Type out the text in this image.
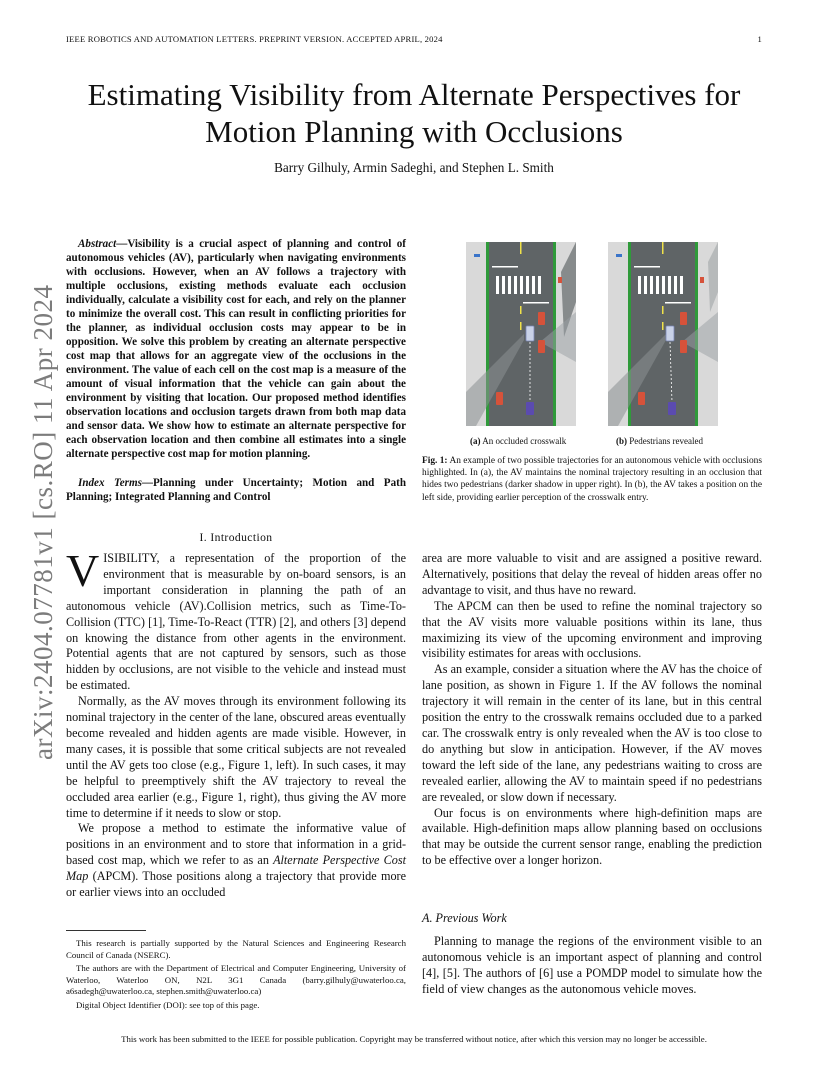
IEEE ROBOTICS AND AUTOMATION LETTERS. PREPRINT VERSION. ACCEPTED APRIL, 2024	1
Estimating Visibility from Alternate Perspectives for Motion Planning with Occlusions
Barry Gilhuly, Armin Sadeghi, and Stephen L. Smith
arXiv:2404.07781v1 [cs.RO] 11 Apr 2024
Abstract—Visibility is a crucial aspect of planning and control of autonomous vehicles (AV), particularly when navigating environments with occlusions. However, when an AV follows a trajectory with multiple occlusions, existing methods evaluate each occlusion individually, calculate a visibility cost for each, and rely on the planner to minimize the overall cost. This can result in conflicting priorities for the planner, as individual occlusion costs may appear to be in opposition. We solve this problem by creating an alternate perspective cost map that allows for an aggregate view of the occlusions in the environment. The value of each cell on the cost map is a measure of the amount of visual information that the vehicle can gain about the environment by visiting that location. Our proposed method identifies observation locations and occlusion targets drawn from both map data and sensor data. We show how to estimate an alternate perspective for each observation location and then combine all estimates into a single alternate perspective cost map for motion planning.
Index Terms—Planning under Uncertainty; Motion and Path Planning; Integrated Planning and Control
I. Introduction

VISIBILITY, a representation of the proportion of the environment that is measurable by on-board sensors, is an important consideration in planning the path of an autonomous vehicle (AV).Collision metrics, such as Time-To-Collision (TTC) [1], Time-To-React (TTR) [2], and others [3] depend on knowing the distance from other agents in the environment. Potential agents that are not captured by sensors, such as those hidden by occlusions, are not visible to the vehicle and instead must be estimated.

Normally, as the AV moves through its environment following its nominal trajectory in the center of the lane, obscured areas eventually become revealed and hidden agents are made visible. However, in many cases, it is possible that some critical subjects are not revealed until the AV gets too close (e.g., Figure 1, left). In such cases, it may be helpful to preemptively shift the AV trajectory to reveal the occluded area earlier (e.g., Figure 1, right), thus giving the AV more time to determine if it needs to slow or stop.

We propose a method to estimate the informative value of positions in an environment and to store that information in a grid-based cost map, which we refer to as an Alternate Perspective Cost Map (APCM). Those positions along a trajectory that provide more or earlier views into an occluded

This research is partially supported by the Natural Sciences and Engineering Research Council of Canada (NSERC).

The authors are with the Department of Electrical and Computer Engineering, University of Waterloo, Waterloo ON, N2L 3G1 Canada (barry.gilhuly@uwaterloo.ca, a6sadegh@uwaterloo.ca, stephen.smith@uwaterloo.ca)

Digital Object Identifier (DOI): see top of this page.

(a) An occluded crosswalk	(b) Pedestrians revealed
Fig. 1: An example of two possible trajectories for an autonomous vehicle with occlusions highlighted. In (a), the AV maintains the nominal trajectory resulting in an occlusion that hides two pedestrians (darker shadow in upper right). In (b), the AV takes a position on the left side, providing earlier perception of the crosswalk entry.

area are more valuable to visit and are assigned a positive reward. Alternatively, positions that delay the reveal of hidden areas offer no advantage to visit, and thus have no reward.

The APCM can then be used to refine the nominal trajectory so that the AV visits more valuable positions within its lane, thus maximizing its view of the upcoming environment and improving visibility estimates for areas with occlusions.

As an example, consider a situation where the AV has the choice of lane position, as shown in Figure 1. If the AV follows the nominal trajectory it will remain in the center of its lane, but in this central position the entry to the crosswalk remains occluded due to a parked car. The crosswalk entry is only revealed when the AV is too close to do anything but slow in anticipation. However, if the AV moves toward the left side of the lane, any pedestrians waiting to cross are revealed earlier, allowing the AV to maintain speed if no pedestrians are revealed, or slow down if necessary.

Our focus is on environments where high-definition maps are available. High-definition maps allow planning based on occlusions that may be outside the current sensor range, enabling the prediction to be effective over a longer horizon.

A. Previous Work

Planning to manage the regions of the environment visible to an autonomous vehicle is an important aspect of planning and control [4], [5]. The authors of [6] use a POMDP model to simulate how the field of view changes as the autonomous vehicle moves.

This work has been submitted to the IEEE for possible publication. Copyright may be transferred without notice, after which this version may no longer be accessible.
